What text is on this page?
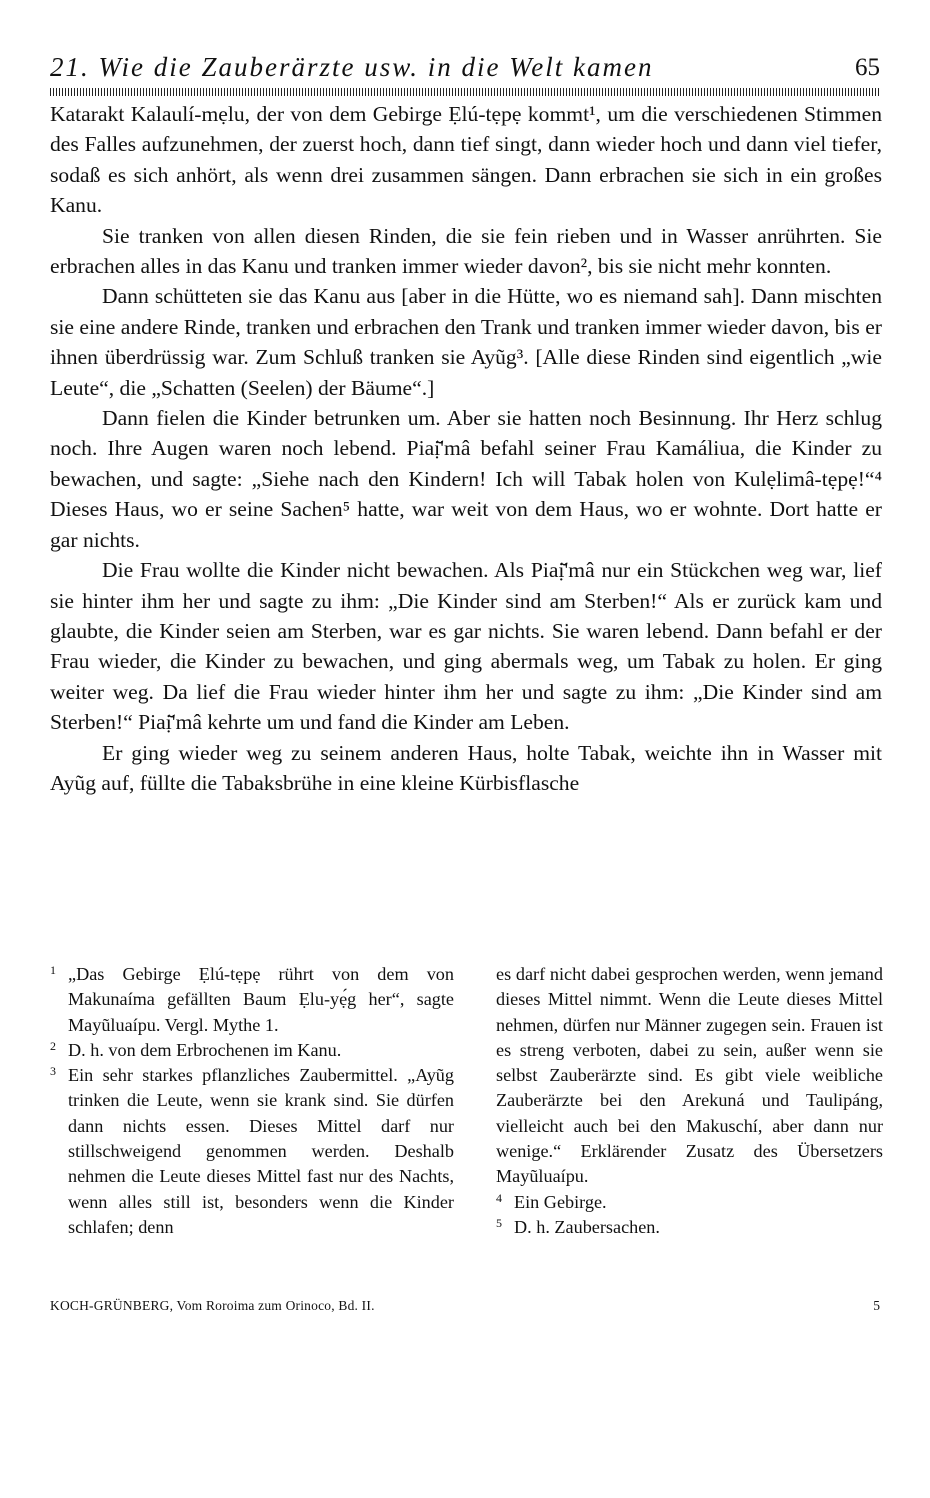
21. Wie die Zauberärzte usw. in die Welt kamen	65

Katarakt Kalaulí-mẹlu, der von dem Gebirge Ẹlú-tẹpẹ kommt¹, um die verschiedenen Stimmen des Falles aufzunehmen, der zuerst hoch, dann tief singt, dann wieder hoch und dann viel tiefer, sodaß es sich anhört, als wenn drei zusammen sängen. Dann erbrachen sie sich in ein großes Kanu.

Sie tranken von allen diesen Rinden, die sie fein rieben und in Wasser anrührten. Sie erbrachen alles in das Kanu und tranken immer wieder davon², bis sie nicht mehr konnten.

Dann schütteten sie das Kanu aus [aber in die Hütte, wo es niemand sah]. Dann mischten sie eine andere Rinde, tranken und erbrachen den Trank und tranken immer wieder davon, bis er ihnen überdrüssig war. Zum Schluß tranken sie Ayũg³. [Alle diese Rinden sind eigentlich „wie Leute“, die „Schatten (Seelen) der Bäume“.]

Dann fielen die Kinder betrunken um. Aber sie hatten noch Besinnung. Ihr Herz schlug noch. Ihre Augen waren noch lebend. Piaị̆'mâ befahl seiner Frau Kamáliua, die Kinder zu bewachen, und sagte: „Siehe nach den Kindern! Ich will Tabak holen von Kulẹlimâ-tẹpẹ!“⁴ Dieses Haus, wo er seine Sachen⁵ hatte, war weit von dem Haus, wo er wohnte. Dort hatte er gar nichts.

Die Frau wollte die Kinder nicht bewachen. Als Piaị̆'mâ nur ein Stückchen weg war, lief sie hinter ihm her und sagte zu ihm: „Die Kinder sind am Sterben!“ Als er zurück kam und glaubte, die Kinder seien am Sterben, war es gar nichts. Sie waren lebend. Dann befahl er der Frau wieder, die Kinder zu bewachen, und ging abermals weg, um Tabak zu holen. Er ging weiter weg. Da lief die Frau wieder hinter ihm her und sagte zu ihm: „Die Kinder sind am Sterben!“ Piaị̆'mâ kehrte um und fand die Kinder am Leben.

Er ging wieder weg zu seinem anderen Haus, holte Tabak, weichte ihn in Wasser mit Ayũg auf, füllte die Tabaksbrühe in eine kleine Kürbisflasche

1 „Das Gebirge Ẹlú-tẹpẹ rührt von dem von Makunaíma gefällten Baum Ẹlu-yẹ́g her“, sagte Mayũluaípu. Vergl. Mythe 1.
2 D. h. von dem Erbrochenen im Kanu.
3 Ein sehr starkes pflanzliches Zaubermittel. „Ayũg trinken die Leute, wenn sie krank sind. Sie dürfen dann nichts essen. Dieses Mittel darf nur stillschweigend genommen werden. Deshalb nehmen die Leute dieses Mittel fast nur des Nachts, wenn alles still ist, besonders wenn die Kinder schlafen; denn

es darf nicht dabei gesprochen werden, wenn jemand dieses Mittel nimmt. Wenn die Leute dieses Mittel nehmen, dürfen nur Männer zugegen sein. Frauen ist es streng verboten, dabei zu sein, außer wenn sie selbst Zauberärzte sind. Es gibt viele weibliche Zauberärzte bei den Arekuná und Taulipáng, vielleicht auch bei den Makuschí, aber dann nur wenige.“ Erklärender Zusatz des Übersetzers Mayũluaípu.

4 Ein Gebirge.
5 D. h. Zaubersachen.
KOCH-GRÜNBERG, Vom Roroima zum Orinoco, Bd. II.	5
